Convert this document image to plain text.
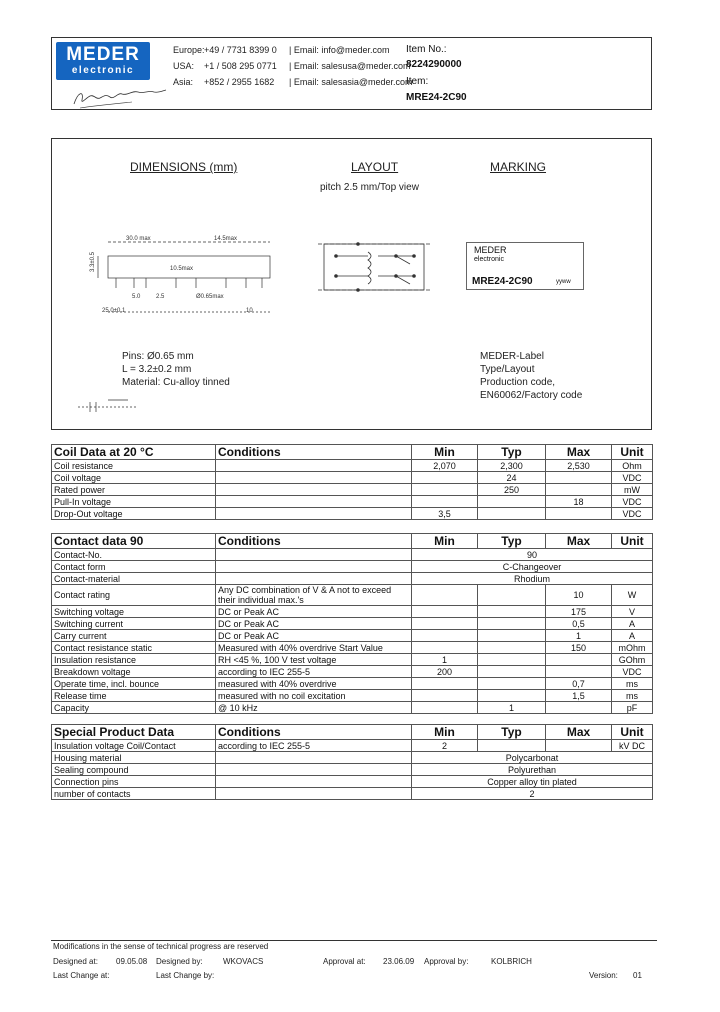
MEDER
electronic
Europe: +49 / 7731 8399 0 | Email: info@meder.com
USA: +1 / 508 295 0771 | Email: salesusa@meder.com
Asia: +852 / 2955 1682 | Email: salesasia@meder.com
Item No.:
8224290000
Item:
MRE24-2C90
DIMENSIONS (mm)	LAYOUT
pitch 2.5 mm/Top view
MARKING
30.0 max	14.5max
10.5max
5.0	2.5	Ø0.65max
25.0±0.1	10
3.3±0.5
MEDER
electronic
MRE24-2C90	yyww
Pins: Ø0.65 mm
L = 3.2±0.2 mm
Material: Cu-alloy tinned
MEDER-Label
Type/Layout
Production code,
EN60062/Factory code
Coil Data at 20 °C	Conditions	Min	Typ	Max	Unit
Coil resistance		2,070	2,300	2,530	Ohm
Coil voltage			24		VDC
Rated power			250		mW
Pull-In voltage				18	VDC
Drop-Out voltage		3,5			VDC
Contact data 90	Conditions	Min	Typ	Max	Unit
Contact-No.		90			
Contact form		C-Changeover			
Contact-material		Rhodium			
Contact rating	Any DC combination of V & A not to exceed their individual max.'s			10	W
Switching voltage	DC or Peak AC			175	V
Switching current	DC or Peak AC			0,5	A
Carry current	DC or Peak AC			1	A
Contact resistance static	Measured with 40% overdrive Start Value			150	mOhm
Insulation resistance	RH <45 %, 100 V test voltage	1			GOhm
Breakdown voltage	according to IEC 255-5	200			VDC
Operate time, incl. bounce	measured with 40% overdrive			0,7	ms
Release time	measured with no coil excitation			1,5	ms
Capacity	@ 10 kHz		1		pF
Special Product Data	Conditions	Min	Typ	Max	Unit
Insulation voltage Coil/Contact	according to IEC 255-5	2			kV DC
Housing material		Polycarbonat			
Sealing compound		Polyurethan			
Connection pins		Copper alloy tin plated			
number of contacts		2			
Modifications in the sense of technical progress are reserved
Designed at: 09.05.08 Designed by:	WKOVACS	Approval at: 23.06.09 Approval by:	KOLBRICH
Last Change at:	Last Change by:	Version: 01
